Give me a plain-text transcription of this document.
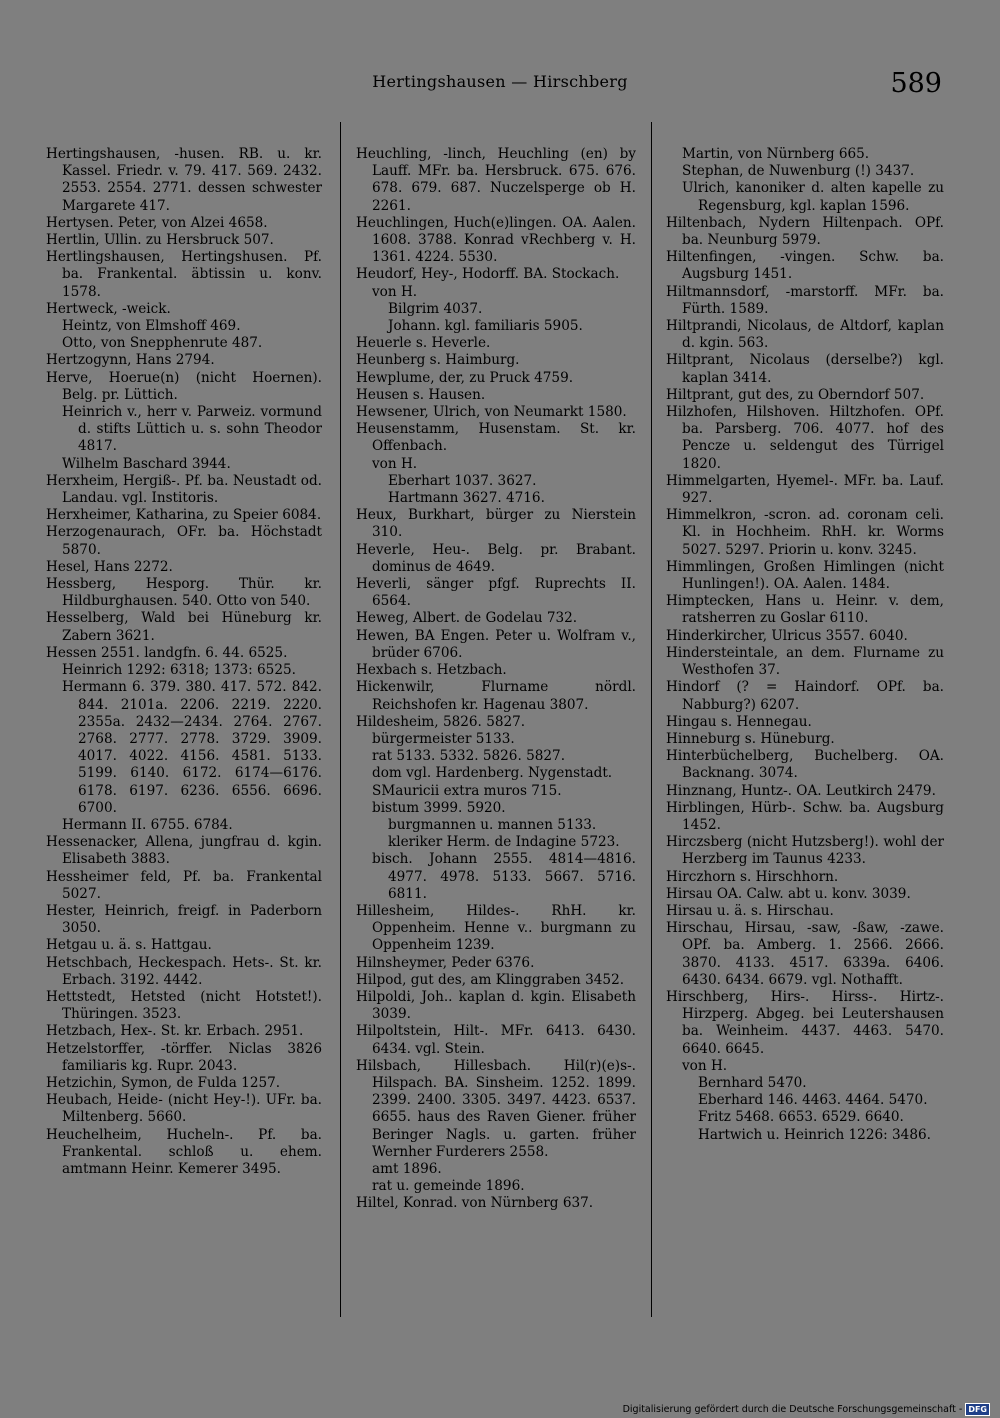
Hertingshausen — Hirschberg	589

Hertingshausen, -husen. RB. u. kr. Kassel. Friedr. v. 79. 417. 569. 2432. 2553. 2554. 2771. dessen schwester Margarete 417.

Hertysen. Peter, von Alzei 4658.

Hertlin, Ullin. zu Hersbruck 507.

Hertlingshausen, Hertingshusen. Pf. ba. Frankental. äbtissin u. konv. 1578.

Hertweck, -weick.

Heintz, von Elmshoff 469.

Otto, von Snepphenrute 487.

Hertzogynn, Hans 2794.

Herve, Hoerue(n) (nicht Hoernen). Belg. pr. Lüttich.

Heinrich v., herr v. Parweiz. vormund d. stifts Lüttich u. s. sohn Theodor 4817.

Wilhelm Baschard 3944.

Herxheim, Hergiß-. Pf. ba. Neustadt od. Landau. vgl. Institoris.

Herxheimer, Katharina, zu Speier 6084.

Herzogenaurach, OFr. ba. Höchstadt 5870.

Hesel, Hans 2272.

Hessberg, Hesporg. Thür. kr. Hildburghausen. 540. Otto von 540.

Hesselberg, Wald bei Hüneburg kr. Zabern 3621.

Hessen 2551. landgfn. 6. 44. 6525.

Heinrich 1292: 6318; 1373: 6525.

Hermann 6. 379. 380. 417. 572. 842. 844. 2101a. 2206. 2219. 2220. 2355a. 2432—2434. 2764. 2767. 2768. 2777. 2778. 3729. 3909. 4017. 4022. 4156. 4581. 5133. 5199. 6140. 6172. 6174—6176. 6178. 6197. 6236. 6556. 6696. 6700.

Hermann II. 6755. 6784.

Hessenacker, Allena, jungfrau d. kgin. Elisabeth 3883.

Hessheimer feld, Pf. ba. Frankental 5027.

Hester, Heinrich, freigf. in Paderborn 3050.

Hetgau u. ä. s. Hattgau.

Hetschbach, Heckespach. Hets-. St. kr. Erbach. 3192. 4442.

Hettstedt, Hetsted (nicht Hotstet!). Thüringen. 3523.

Hetzbach, Hex-. St. kr. Erbach. 2951.

Hetzelstorffer, -törffer. Niclas 3826 familiaris kg. Rupr. 2043.

Hetzichin, Symon, de Fulda 1257.

Heubach, Heide- (nicht Hey-!). UFr. ba. Miltenberg. 5660.

Heuchelheim, Hucheln-. Pf. ba. Frankental. schloß u. ehem. amtmann Heinr. Kemerer 3495.

Heuchling, -linch, Heuchling (en) by Lauff. MFr. ba. Hersbruck. 675. 676. 678. 679. 687. Nuczelsperge ob H. 2261.

Heuchlingen, Huch(e)lingen. OA. Aalen. 1608. 3788. Konrad vRechberg v. H. 1361. 4224. 5530.

Heudorf, Hey-, Hodorff. BA. Stockach.

von H.

Bilgrim 4037.

Johann. kgl. familiaris 5905.

Heuerle s. Heverle.

Heunberg s. Haimburg.

Hewplume, der, zu Pruck 4759.

Heusen s. Hausen.

Hewsener, Ulrich, von Neumarkt 1580.

Heusenstamm, Husenstam. St. kr. Offenbach.

von H.

Eberhart 1037. 3627.

Hartmann 3627. 4716.

Heux, Burkhart, bürger zu Nierstein 310.

Heverle, Heu-. Belg. pr. Brabant. dominus de 4649.

Heverli, sänger pfgf. Ruprechts II. 6564.

Heweg, Albert. de Godelau 732.

Hewen, BA Engen. Peter u. Wolfram v., brüder 6706.

Hexbach s. Hetzbach.

Hickenwilr, Flurname nördl. Reichshofen kr. Hagenau 3807.

Hildesheim, 5826. 5827.

bürgermeister 5133.

rat 5133. 5332. 5826. 5827.

dom vgl. Hardenberg. Nygenstadt.

SMauricii extra muros 715.

bistum 3999. 5920.

burgmannen u. mannen 5133.

kleriker Herm. de Indagine 5723.

bisch. Johann 2555. 4814—4816. 4977. 4978. 5133. 5667. 5716. 6811.

Hillesheim, Hildes-. RhH. kr. Oppenheim. Henne v.. burgmann zu Oppenheim 1239.

Hilnsheymer, Peder 6376.

Hilpod, gut des, am Klinggraben 3452.

Hilpoldi, Joh.. kaplan d. kgin. Elisabeth 3039.

Hilpoltstein, Hilt-. MFr. 6413. 6430. 6434. vgl. Stein.

Hilsbach, Hillesbach. Hil(r)(e)s-. Hilspach. BA. Sinsheim. 1252. 1899. 2399. 2400. 3305. 3497. 4423. 6537. 6655. haus des Raven Giener. früher Beringer Nagls. u. garten. früher Wernher Furderers 2558.

amt 1896.

rat u. gemeinde 1896.

Hiltel, Konrad. von Nürnberg 637.

Martin, von Nürnberg 665.

Stephan, de Nuwenburg (!) 3437.

Ulrich, kanoniker d. alten kapelle zu Regensburg, kgl. kaplan 1596.

Hiltenbach, Nydern Hiltenpach. OPf. ba. Neunburg 5979.

Hiltenfingen, -vingen. Schw. ba. Augsburg 1451.

Hiltmannsdorf, -marstorff. MFr. ba. Fürth. 1589.

Hiltprandi, Nicolaus, de Altdorf, kaplan d. kgin. 563.

Hiltprant, Nicolaus (derselbe?) kgl. kaplan 3414.

Hiltprant, gut des, zu Oberndorf 507.

Hilzhofen, Hilshoven. Hiltzhofen. OPf. ba. Parsberg. 706. 4077. hof des Pencze u. seldengut des Türrigel 1820.

Himmelgarten, Hyemel-. MFr. ba. Lauf. 927.

Himmelkron, -scron. ad. coronam celi. Kl. in Hochheim. RhH. kr. Worms 5027. 5297. Priorin u. konv. 3245.

Himmlingen, Großen Himlingen (nicht Hunlingen!). OA. Aalen. 1484.

Himptecken, Hans u. Heinr. v. dem, ratsherren zu Goslar 6110.

Hinderkircher, Ulricus 3557. 6040.

Hindersteintale, an dem. Flurname zu Westhofen 37.

Hindorf (? = Haindorf. OPf. ba. Nabburg?) 6207.

Hingau s. Hennegau.

Hinneburg s. Hüneburg.

Hinterbüchelberg, Buchelberg. OA. Backnang. 3074.

Hinznang, Huntz-. OA. Leutkirch 2479.

Hirblingen, Hürb-. Schw. ba. Augsburg 1452.

Hirczsberg (nicht Hutzsberg!). wohl der Herzberg im Taunus 4233.

Hirczhorn s. Hirschhorn.

Hirsau OA. Calw. abt u. konv. 3039.

Hirsau u. ä. s. Hirschau.

Hirschau, Hirsau, -saw, -ßaw, -zawe. OPf. ba. Amberg. 1. 2566. 2666. 3870. 4133. 4517. 6339a. 6406. 6430. 6434. 6679. vgl. Nothafft.

Hirschberg, Hirs-. Hirss-. Hirtz-. Hirzperg. Abgeg. bei Leutershausen ba. Weinheim. 4437. 4463. 5470. 6640. 6645.

von H.

Bernhard 5470.

Eberhard 146. 4463. 4464. 5470.

Fritz 5468. 6653. 6529. 6640.

Hartwich u. Heinrich 1226: 3486.

Digitalisierung gefördert durch die Deutsche Forschungsgemeinschaft - DFG
